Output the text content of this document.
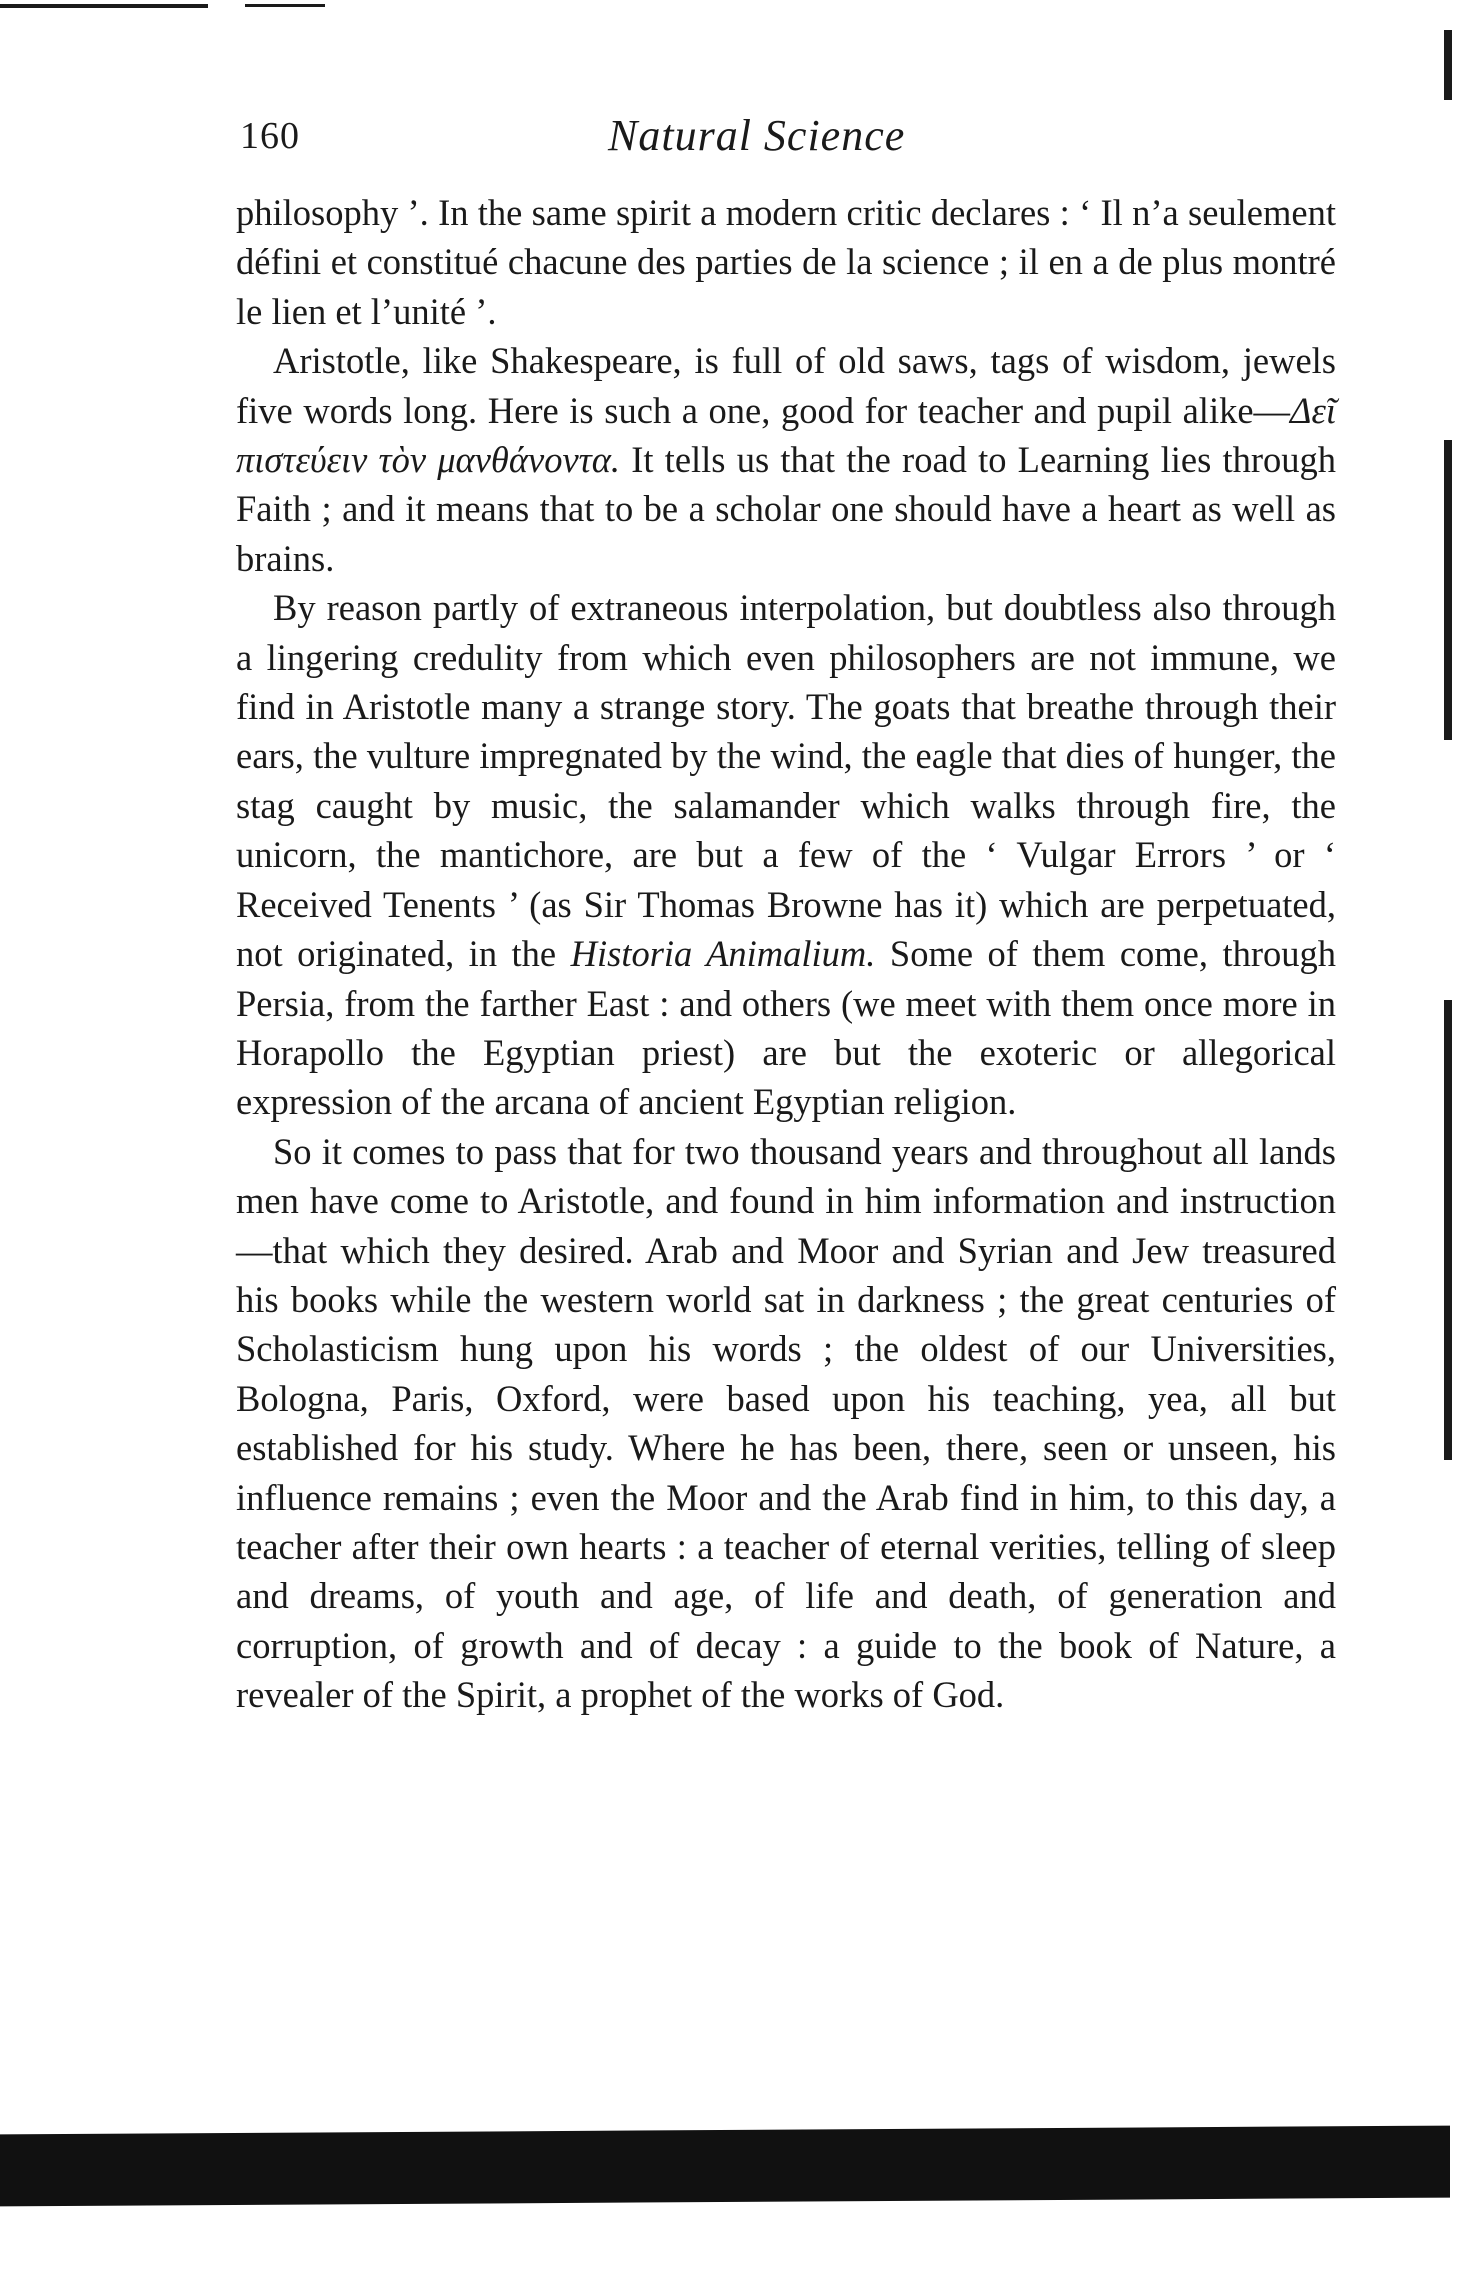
160	Natural Science

philosophy ’. In the same spirit a modern critic declares : ‘ Il n’a seulement défini et constitué chacune des parties de la science ; il en a de plus montré le lien et l’unité ’.

Aristotle, like Shakespeare, is full of old saws, tags of wisdom, jewels five words long. Here is such a one, good for teacher and pupil alike—Δεῖ πιστεύειν τὸν μανθάνοντα. It tells us that the road to Learning lies through Faith ; and it means that to be a scholar one should have a heart as well as brains.

By reason partly of extraneous interpolation, but doubtless also through a lingering credulity from which even philosophers are not immune, we find in Aristotle many a strange story. The goats that breathe through their ears, the vulture impregnated by the wind, the eagle that dies of hunger, the stag caught by music, the salamander which walks through fire, the unicorn, the mantichore, are but a few of the ‘ Vulgar Errors ’ or ‘ Received Tenents ’ (as Sir Thomas Browne has it) which are perpetuated, not originated, in the Historia Animalium. Some of them come, through Persia, from the farther East : and others (we meet with them once more in Horapollo the Egyptian priest) are but the exoteric or allegorical expression of the arcana of ancient Egyptian religion.

So it comes to pass that for two thousand years and throughout all lands men have come to Aristotle, and found in him information and instruction—that which they desired. Arab and Moor and Syrian and Jew treasured his books while the western world sat in darkness ; the great centuries of Scholasticism hung upon his words ; the oldest of our Universities, Bologna, Paris, Oxford, were based upon his teaching, yea, all but established for his study. Where he has been, there, seen or unseen, his influence remains ; even the Moor and the Arab find in him, to this day, a teacher after their own hearts : a teacher of eternal verities, telling of sleep and dreams, of youth and age, of life and death, of generation and corruption, of growth and of decay : a guide to the book of Nature, a revealer of the Spirit, a prophet of the works of God.
